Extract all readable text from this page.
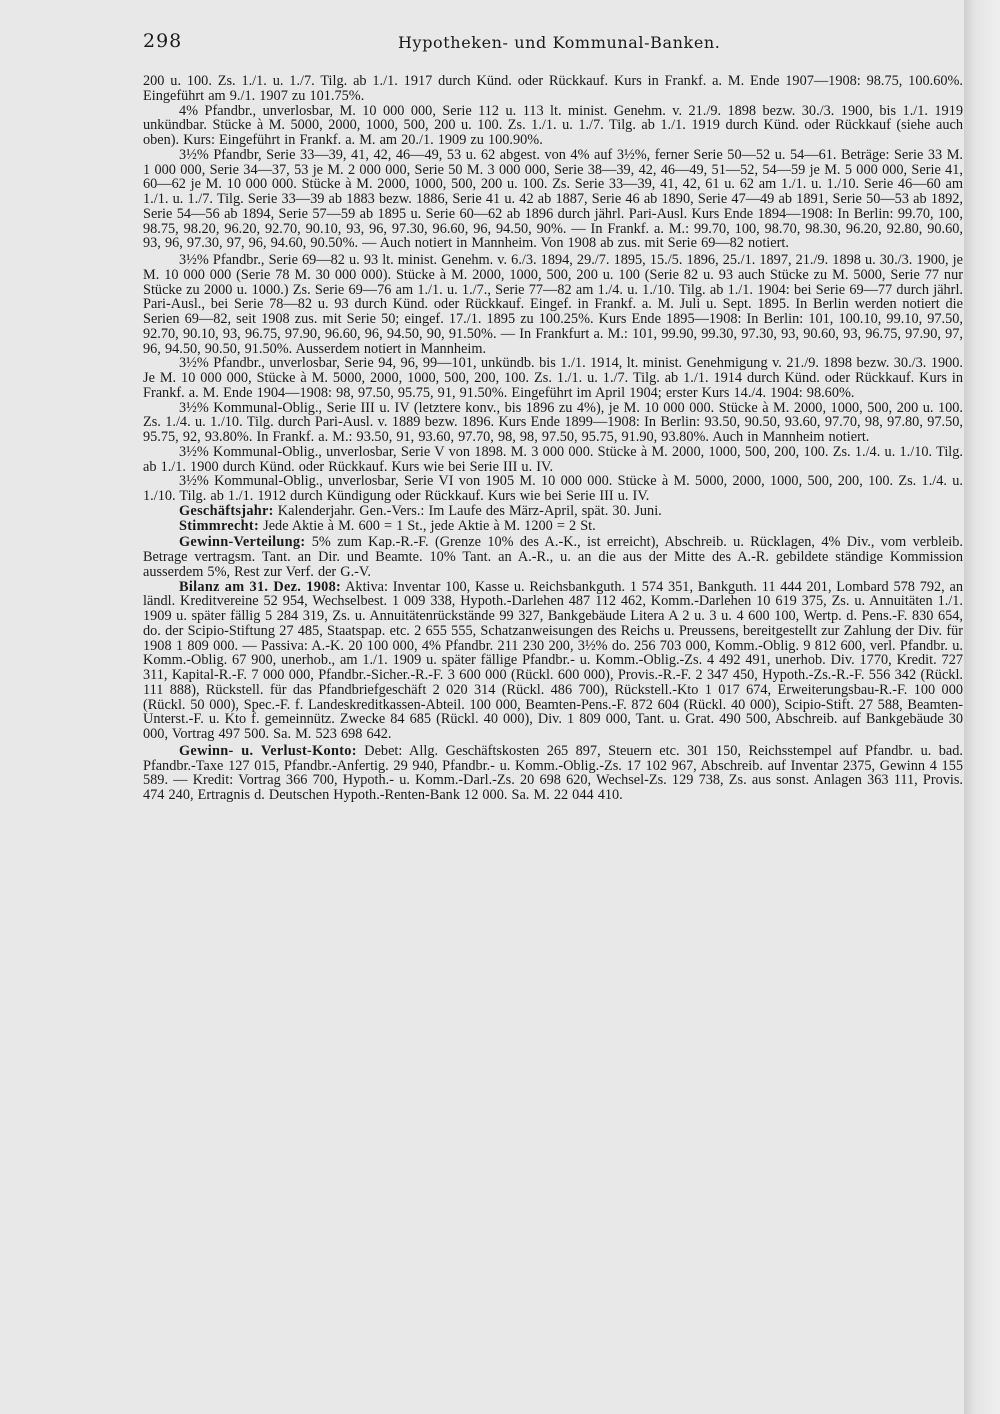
298	Hypotheken- und Kommunal-Banken.

200 u. 100. Zs. 1./1. u. 1./7. Tilg. ab 1./1. 1917 durch Künd. oder Rückkauf. Kurs in Frankf. a. M. Ende 1907—1908: 98.75, 100.60%. Eingeführt am 9./1. 1907 zu 101.75%.

4% Pfandbr., unverlosbar, M. 10 000 000, Serie 112 u. 113 lt. minist. Genehm. v. 21./9. 1898 bezw. 30./3. 1900, bis 1./1. 1919 unkündbar. Stücke à M. 5000, 2000, 1000, 500, 200 u. 100. Zs. 1./1. u. 1./7. Tilg. ab 1./1. 1919 durch Künd. oder Rückkauf (siehe auch oben). Kurs: Eingeführt in Frankf. a. M. am 20./1. 1909 zu 100.90%.

3½% Pfandbr, Serie 33—39, 41, 42, 46—49, 53 u. 62 abgest. von 4% auf 3½%, ferner Serie 50—52 u. 54—61. Beträge: Serie 33 M. 1 000 000, Serie 34—37, 53 je M. 2 000 000, Serie 50 M. 3 000 000, Serie 38—39, 42, 46—49, 51—52, 54—59 je M. 5 000 000, Serie 41, 60—62 je M. 10 000 000. Stücke à M. 2000, 1000, 500, 200 u. 100. Zs. Serie 33—39, 41, 42, 61 u. 62 am 1./1. u. 1./10. Serie 46—60 am 1./1. u. 1./7. Tilg. Serie 33—39 ab 1883 bezw. 1886, Serie 41 u. 42 ab 1887, Serie 46 ab 1890, Serie 47—49 ab 1891, Serie 50—53 ab 1892, Serie 54—56 ab 1894, Serie 57—59 ab 1895 u. Serie 60—62 ab 1896 durch jährl. Pari-Ausl. Kurs Ende 1894—1908: In Berlin: 99.70, 100, 98.75, 98.20, 96.20, 92.70, 90.10, 93, 96, 97.30, 96.60, 96, 94.50, 90%. — In Frankf. a. M.: 99.70, 100, 98.70, 98.30, 96.20, 92.80, 90.60, 93, 96, 97.30, 97, 96, 94.60, 90.50%. — Auch notiert in Mannheim. Von 1908 ab zus. mit Serie 69—82 notiert.

3½% Pfandbr., Serie 69—82 u. 93 lt. minist. Genehm. v. 6./3. 1894, 29./7. 1895, 15./5. 1896, 25./1. 1897, 21./9. 1898 u. 30./3. 1900, je M. 10 000 000 (Serie 78 M. 30 000 000). Stücke à M. 2000, 1000, 500, 200 u. 100 (Serie 82 u. 93 auch Stücke zu M. 5000, Serie 77 nur Stücke zu 2000 u. 1000.) Zs. Serie 69—76 am 1./1. u. 1./7., Serie 77—82 am 1./4. u. 1./10. Tilg. ab 1./1. 1904: bei Serie 69—77 durch jährl. Pari-Ausl., bei Serie 78—82 u. 93 durch Künd. oder Rückkauf. Eingef. in Frankf. a. M. Juli u. Sept. 1895. In Berlin werden notiert die Serien 69—82, seit 1908 zus. mit Serie 50; eingef. 17./1. 1895 zu 100.25%. Kurs Ende 1895—1908: In Berlin: 101, 100.10, 99.10, 97.50, 92.70, 90.10, 93, 96.75, 97.90, 96.60, 96, 94.50, 90, 91.50%. — In Frankfurt a. M.: 101, 99.90, 99.30, 97.30, 93, 90.60, 93, 96.75, 97.90, 97, 96, 94.50, 90.50, 91.50%. Ausserdem notiert in Mannheim.

3½% Pfandbr., unverlosbar, Serie 94, 96, 99—101, unkündb. bis 1./1. 1914, lt. minist. Genehmigung v. 21./9. 1898 bezw. 30./3. 1900. Je M. 10 000 000, Stücke à M. 5000, 2000, 1000, 500, 200, 100. Zs. 1./1. u. 1./7. Tilg. ab 1./1. 1914 durch Künd. oder Rückkauf. Kurs in Frankf. a. M. Ende 1904—1908: 98, 97.50, 95.75, 91, 91.50%. Eingeführt im April 1904; erster Kurs 14./4. 1904: 98.60%.

3½% Kommunal-Oblig., Serie III u. IV (letztere konv., bis 1896 zu 4%), je M. 10 000 000. Stücke à M. 2000, 1000, 500, 200 u. 100. Zs. 1./4. u. 1./10. Tilg. durch Pari-Ausl. v. 1889 bezw. 1896. Kurs Ende 1899—1908: In Berlin: 93.50, 90.50, 93.60, 97.70, 98, 97.80, 97.50, 95.75, 92, 93.80%. In Frankf. a. M.: 93.50, 91, 93.60, 97.70, 98, 98, 97.50, 95.75, 91.90, 93.80%. Auch in Mannheim notiert.

3½% Kommunal-Oblig., unverlosbar, Serie V von 1898. M. 3 000 000. Stücke à M. 2000, 1000, 500, 200, 100. Zs. 1./4. u. 1./10. Tilg. ab 1./1. 1900 durch Künd. oder Rückkauf. Kurs wie bei Serie III u. IV.

3½% Kommunal-Oblig., unverlosbar, Serie VI von 1905 M. 10 000 000. Stücke à M. 5000, 2000, 1000, 500, 200, 100. Zs. 1./4. u. 1./10. Tilg. ab 1./1. 1912 durch Kündigung oder Rückkauf. Kurs wie bei Serie III u. IV.

Geschäftsjahr: Kalenderjahr. Gen.-Vers.: Im Laufe des März-April, spät. 30. Juni.

Stimmrecht: Jede Aktie à M. 600 = 1 St., jede Aktie à M. 1200 = 2 St.

Gewinn-Verteilung: 5% zum Kap.-R.-F. (Grenze 10% des A.-K., ist erreicht), Abschreib. u. Rücklagen, 4% Div., vom verbleib. Betrage vertragsm. Tant. an Dir. und Beamte. 10% Tant. an A.-R., u. an die aus der Mitte des A.-R. gebildete ständige Kommission ausserdem 5%, Rest zur Verf. der G.-V.

Bilanz am 31. Dez. 1908: Aktiva: Inventar 100, Kasse u. Reichsbankguth. 1 574 351, Bankguth. 11 444 201, Lombard 578 792, an ländl. Kreditvereine 52 954, Wechselbest. 1 009 338, Hypoth.-Darlehen 487 112 462, Komm.-Darlehen 10 619 375, Zs. u. Annuitäten 1./1. 1909 u. später fällig 5 284 319, Zs. u. Annuitätenrückstände 99 327, Bankgebäude Litera A 2 u. 3 u. 4 600 100, Wertp. d. Pens.-F. 830 654, do. der Scipio-Stiftung 27 485, Staatspap. etc. 2 655 555, Schatzanweisungen des Reichs u. Preussens, bereitgestellt zur Zahlung der Div. für 1908 1 809 000. — Passiva: A.-K. 20 100 000, 4% Pfandbr. 211 230 200, 3½% do. 256 703 000, Komm.-Oblig. 9 812 600, verl. Pfandbr. u. Komm.-Oblig. 67 900, unerhob., am 1./1. 1909 u. später fällige Pfandbr.- u. Komm.-Oblig.-Zs. 4 492 491, unerhob. Div. 1770, Kredit. 727 311, Kapital-R.-F. 7 000 000, Pfandbr.-Sicher.-R.-F. 3 600 000 (Rückl. 600 000), Provis.-R.-F. 2 347 450, Hypoth.-Zs.-R.-F. 556 342 (Rückl. 111 888), Rückstell. für das Pfandbriefgeschäft 2 020 314 (Rückl. 486 700), Rückstell.-Kto 1 017 674, Erweiterungsbau-R.-F. 100 000 (Rückl. 50 000), Spec.-F. f. Landeskreditkassen-Abteil. 100 000, Beamten-Pens.-F. 872 604 (Rückl. 40 000), Scipio-Stift. 27 588, Beamten-Unterst.-F. u. Kto f. gemeinnütz. Zwecke 84 685 (Rückl. 40 000), Div. 1 809 000, Tant. u. Grat. 490 500, Abschreib. auf Bankgebäude 30 000, Vortrag 497 500. Sa. M. 523 698 642.

Gewinn- u. Verlust-Konto: Debet: Allg. Geschäftskosten 265 897, Steuern etc. 301 150, Reichsstempel auf Pfandbr. u. bad. Pfandbr.-Taxe 127 015, Pfandbr.-Anfertig. 29 940, Pfandbr.- u. Komm.-Oblig.-Zs. 17 102 967, Abschreib. auf Inventar 2375, Gewinn 4 155 589. — Kredit: Vortrag 366 700, Hypoth.- u. Komm.-Darl.-Zs. 20 698 620, Wechsel-Zs. 129 738, Zs. aus sonst. Anlagen 363 111, Provis. 474 240, Ertragnis d. Deutschen Hypoth.-Renten-Bank 12 000. Sa. M. 22 044 410.
